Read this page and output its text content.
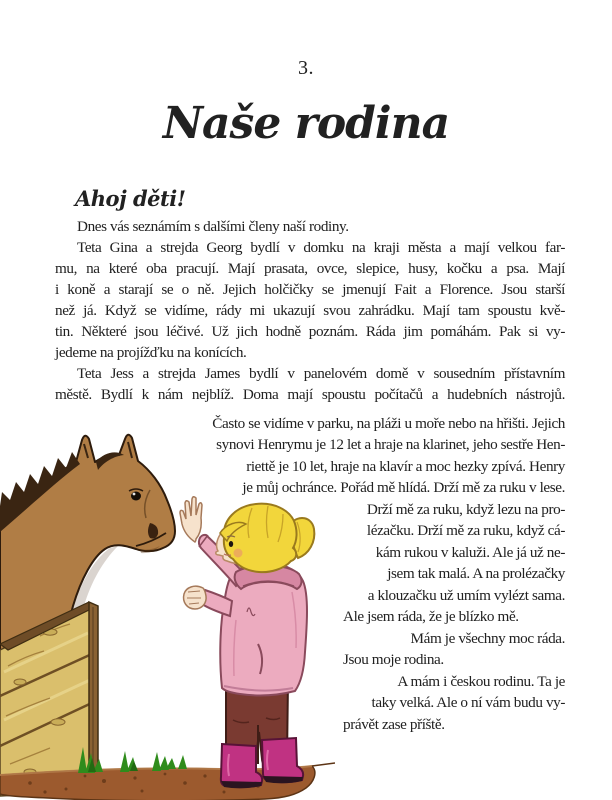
3.
Naše rodina
Ahoj děti!
Dnes vás seznámím s dalšími členy naší rodiny.
Teta Gina a strejda Georg bydlí v domku na kraji města a mají velkou far-
mu, na které oba pracují. Mají prasata, ovce, slepice, husy, kočku a psa. Mají
i koně a starají se o ně. Jejich holčičky se jmenují Fait a Florence. Jsou starší
než já. Když se vidíme, rády mi ukazují svou zahrádku. Mají tam spoustu kvě-
tin. Některé jsou léčivé. Už jich hodně poznám. Ráda jim pomáhám. Pak si vy-
jedeme na projížďku na konících.
Teta Jess a strejda James bydlí v panelovém domě v sousedním přístavním
městě. Bydlí k nám nejblíž. Doma mají spoustu počítačů a hudebních nástrojů.
Často se vidíme v parku, na pláži u moře nebo na hřišti. Jejich
synovi Henrymu je 12 let a hraje na klarinet, jeho sestře Hen-
riettě je 10 let, hraje na klavír a moc hezky zpívá. Henry
je můj ochránce. Pořád mě hlídá. Drží mě za ruku v lese.
Drží mě za ruku, když lezu na pro-
lézačku. Drží mě za ruku, když cá-
kám rukou v kaluži. Ale já už ne-
jsem tak malá. A na prolézačky
a klouzačku už umím vylézt sama.
Ale jsem ráda, že je blízko mě.
Mám je všechny moc ráda.
Jsou moje rodina.
A mám i českou rodinu. Ta je
taky velká. Ale o ní vám budu vy-
právět zase příště.
